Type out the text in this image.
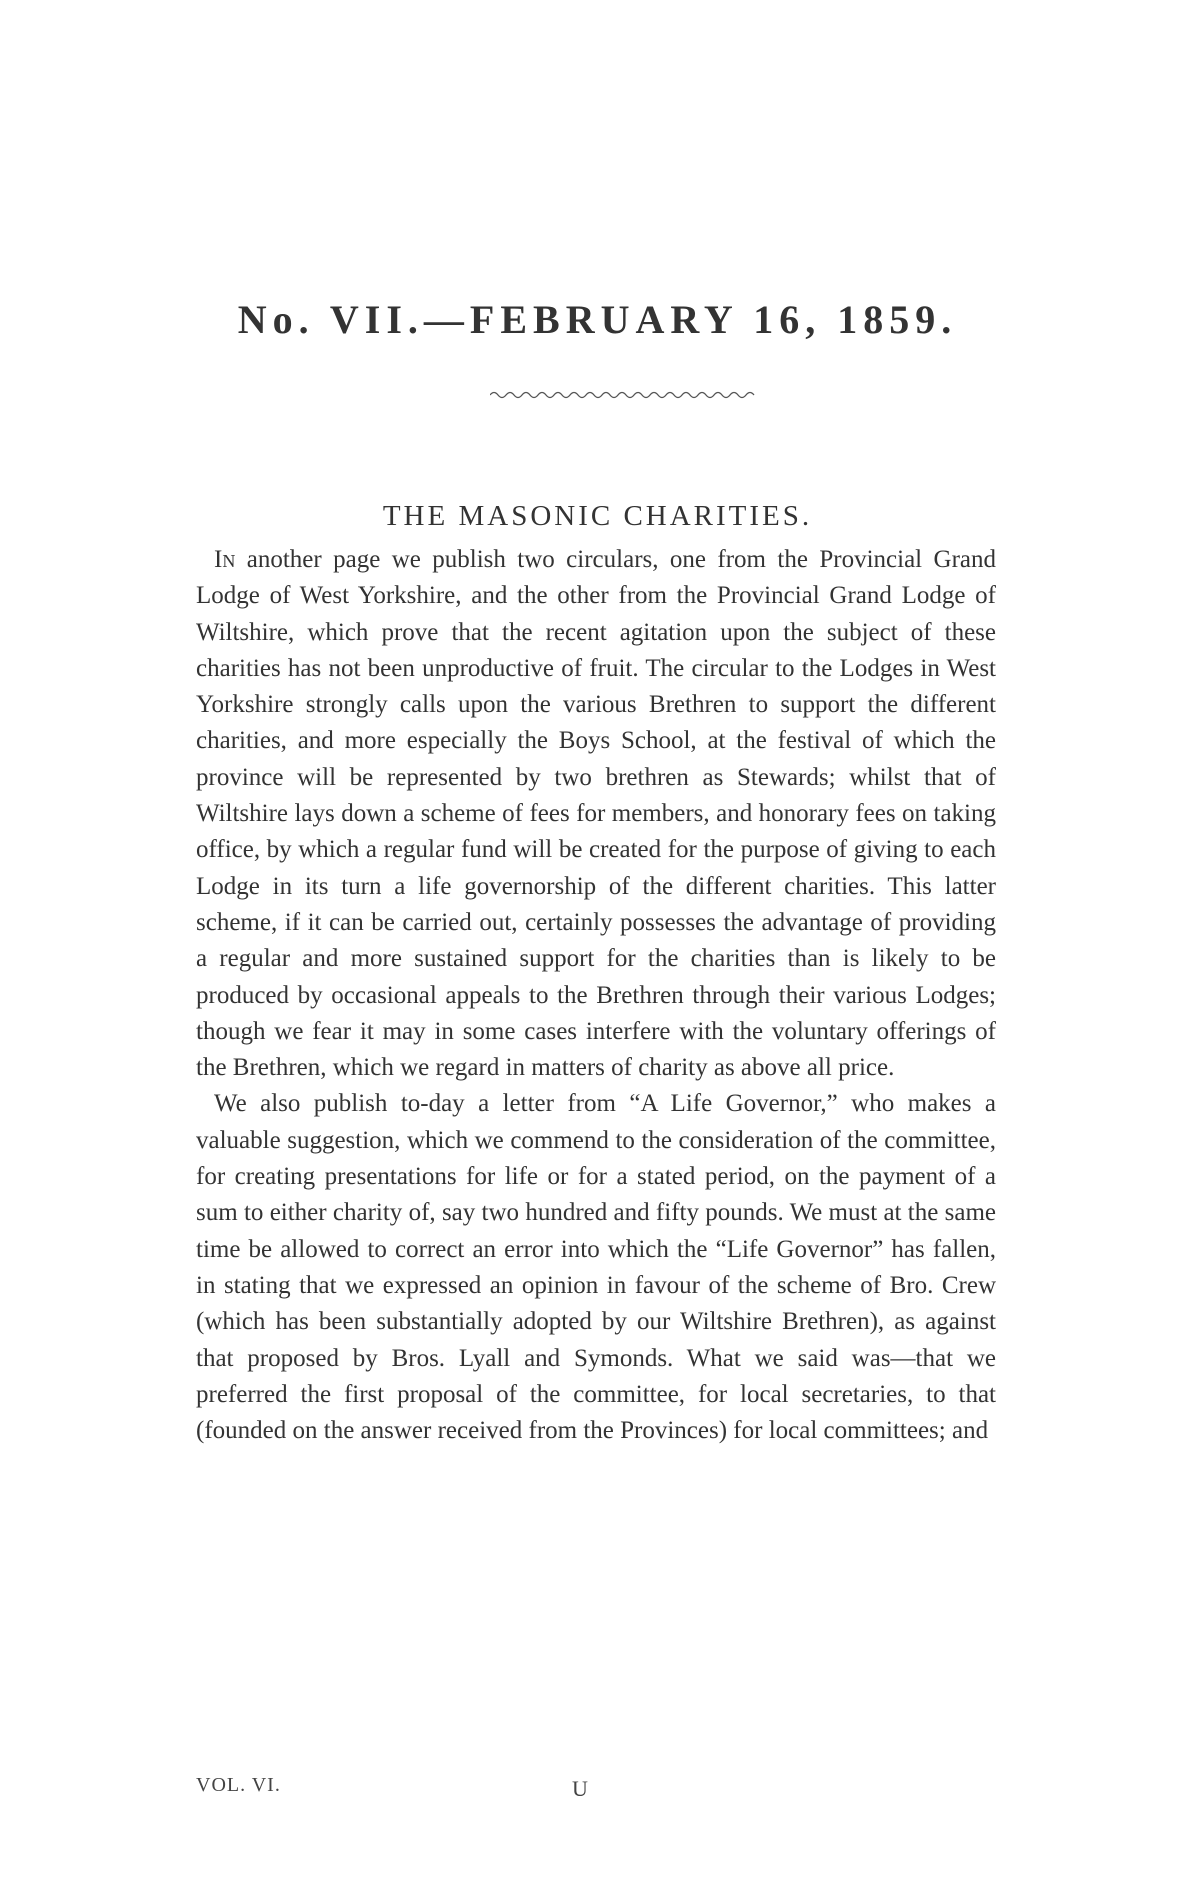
No. VII.—FEBRUARY 16, 1859.
THE MASONIC CHARITIES.

In another page we publish two circulars, one from the Provincial Grand Lodge of West Yorkshire, and the other from the Provincial Grand Lodge of Wiltshire, which prove that the recent agitation upon the subject of these charities has not been unproductive of fruit. The circular to the Lodges in West Yorkshire strongly calls upon the various Brethren to support the different charities, and more especially the Boys School, at the festival of which the province will be represented by two brethren as Stewards; whilst that of Wiltshire lays down a scheme of fees for members, and honorary fees on taking office, by which a regular fund will be created for the purpose of giving to each Lodge in its turn a life governorship of the different charities. This latter scheme, if it can be carried out, certainly possesses the advantage of providing a regular and more sustained support for the charities than is likely to be produced by occasional appeals to the Brethren through their various Lodges; though we fear it may in some cases interfere with the voluntary offerings of the Brethren, which we regard in matters of charity as above all price.

We also publish to-day a letter from “A Life Governor,” who makes a valuable suggestion, which we commend to the consideration of the committee, for creating presentations for life or for a stated period, on the payment of a sum to either charity of, say two hundred and fifty pounds. We must at the same time be allowed to correct an error into which the “Life Governor” has fallen, in stating that we expressed an opinion in favour of the scheme of Bro. Crew (which has been substantially adopted by our Wiltshire Brethren), as against that proposed by Bros. Lyall and Symonds. What we said was—that we preferred the first proposal of the committee, for local secretaries, to that (founded on the answer received from the Provinces) for local committees; and

VOL. VI.	U
